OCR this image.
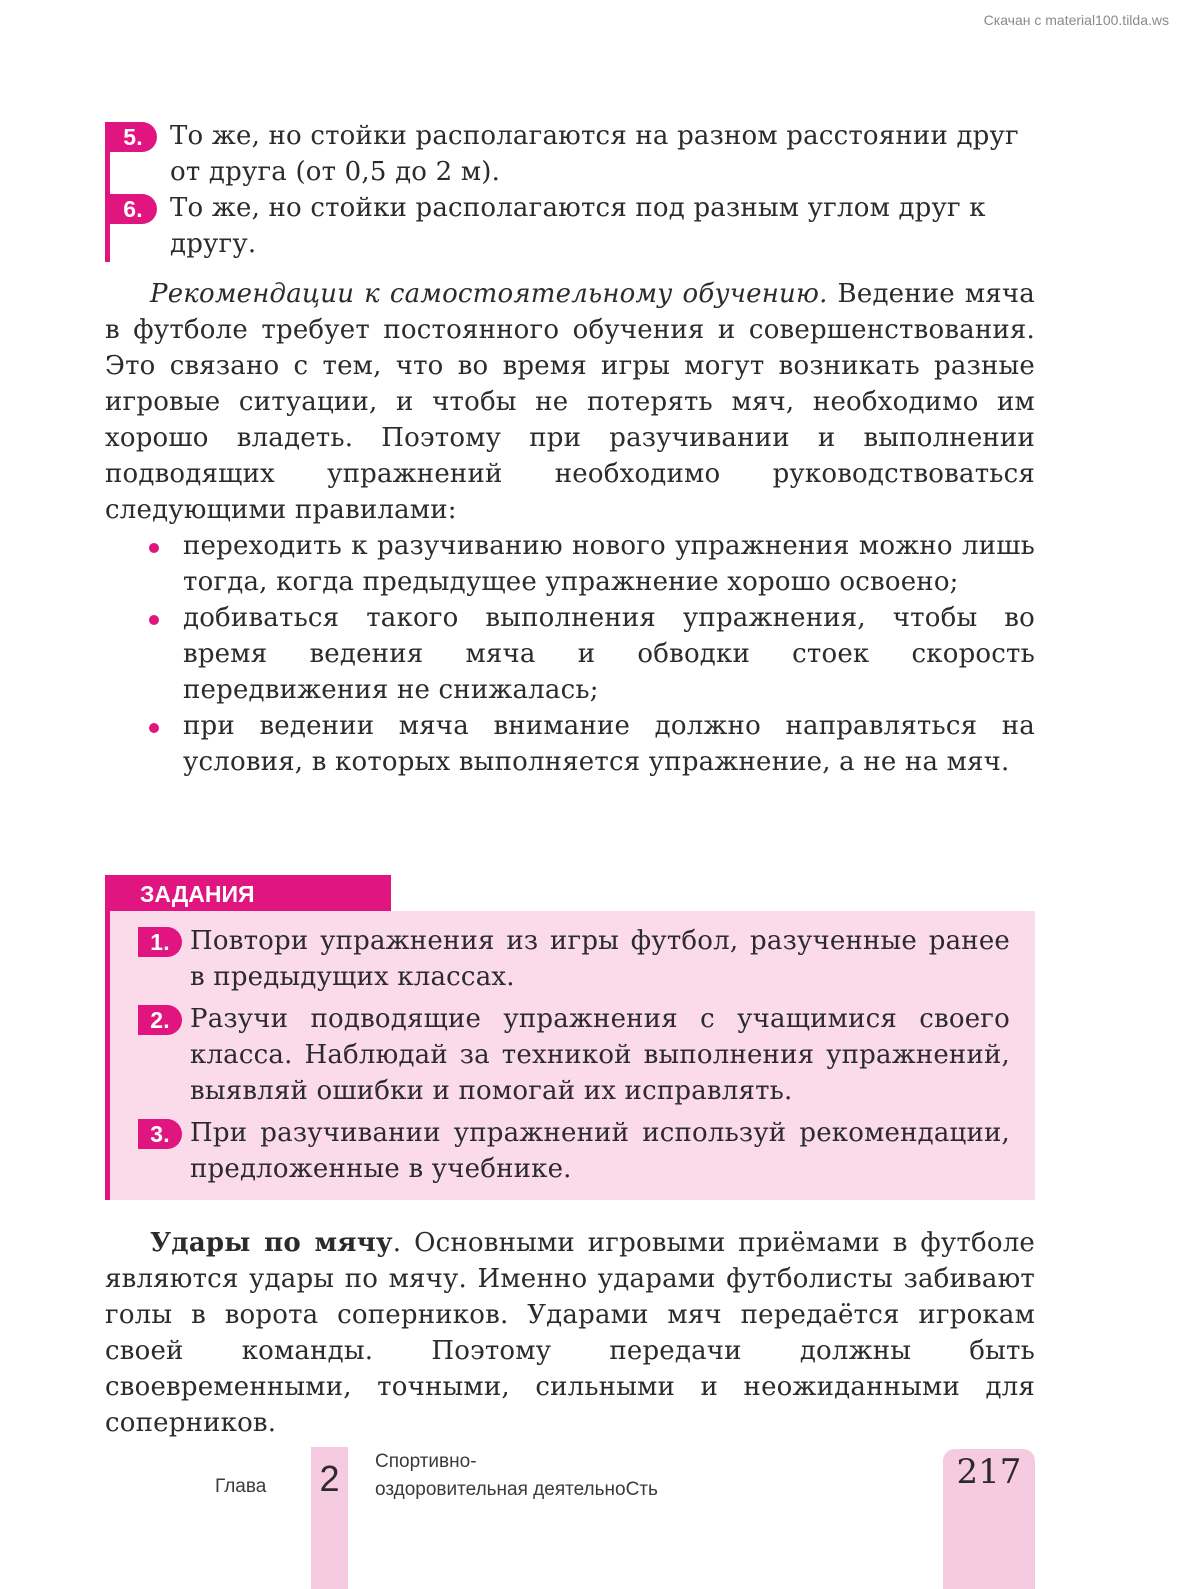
Скачан с material100.tilda.ws
5.	То же, но стойки располагаются на разном расстоянии друг от друга (от 0,5 до 2 м).
6.	То же, но стойки располагаются под разным углом друг к другу.

Рекомендации к самостоятельному обучению. Ведение мяча в футболе требует постоянного обучения и совершенствования. Это связано с тем, что во время игры могут возникать разные игровые ситуации, и чтобы не потерять мяч, необходимо им хорошо владеть. Поэтому при разучивании и выполнении подводящих упражнений необходимо руководствоваться следующими правилами:

переходить к разучиванию нового упражнения можно лишь тогда, когда предыдущее упражнение хорошо освоено;
добиваться такого выполнения упражнения, чтобы во время ведения мяча и обводки стоек скорость передвижения не снижалась;
при ведении мяча внимание должно направляться на условия, в которых выполняется упражнение, а не на мяч.
ЗАДАНИЯ
1. Повтори упражнения из игры футбол, разученные ранее в предыдущих классах.
2. Разучи подводящие упражнения с учащимися своего класса. Наблюдай за техникой выполнения упражнений, выявляй ошибки и помогай их исправлять.
3. При разучивании упражнений используй рекомендации, предложенные в учебнике.

Удары по мячу. Основными игровыми приёмами в футболе являются удары по мячу. Именно ударами футболисты забивают голы в ворота соперников. Ударами мяч передаётся игрокам своей команды. Поэтому передачи должны быть своевременными, точными, сильными и неожиданными для соперников.

Глава 2	Спортивно-
оздоровительная деятельноСть	217
